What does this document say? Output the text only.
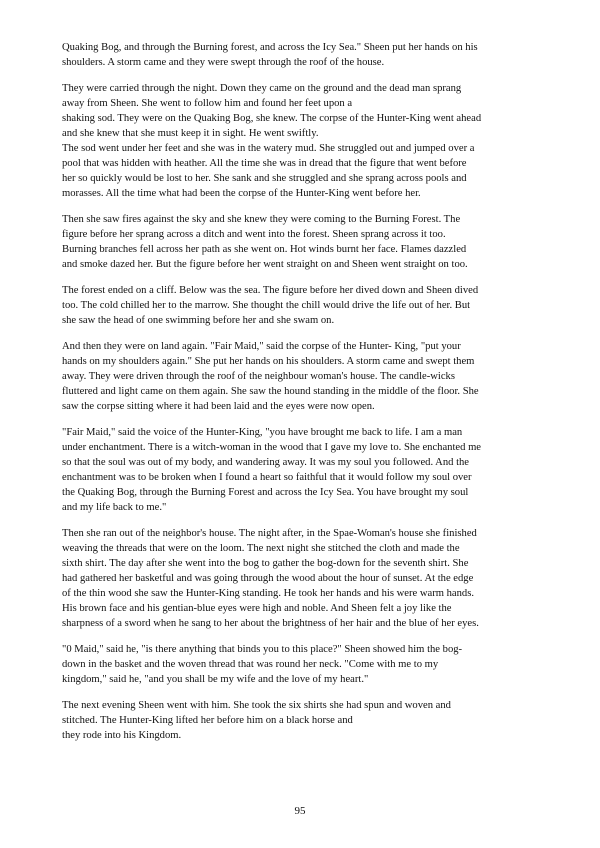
Quaking Bog, and through the Burning forest, and across the Icy Sea." Sheen put her hands on his
shoulders. A storm came and they were swept through the roof of the house.

They were carried through the night. Down they came on the ground and the dead man sprang
away from Sheen. She went to follow him and found her feet upon a
shaking sod. They were on the Quaking Bog, she knew. The corpse of the Hunter-King went ahead
and she knew that she must keep it in sight. He went swiftly.
The sod went under her feet and she was in the watery mud. She struggled out and jumped over a
pool that was hidden with heather. All the time she was in dread that the figure that went before
her so quickly would be lost to her. She sank and she struggled and she sprang across pools and
morasses. All the time what had been the corpse of the Hunter-King went before her.

Then she saw fires against the sky and she knew they were coming to the Burning Forest. The
figure before her sprang across a ditch and went into the forest. Sheen sprang across it too.
Burning branches fell across her path as she went on. Hot winds burnt her face. Flames dazzled
and smoke dazed her. But the figure before her went straight on and Sheen went straight on too.

The forest ended on a cliff. Below was the sea. The figure before her dived down and Sheen dived
too. The cold chilled her to the marrow. She thought the chill would drive the life out of her. But
she saw the head of one swimming before her and she swam on.

And then they were on land again. "Fair Maid," said the corpse of the Hunter- King, "put your
hands on my shoulders again." She put her hands on his shoulders. A storm came and swept them
away. They were driven through the roof of the neighbour woman's house. The candle-wicks
fluttered and light came on them again. She saw the hound standing in the middle of the floor. She
saw the corpse sitting where it had been laid and the eyes were now open.

"Fair Maid," said the voice of the Hunter-King, "you have brought me back to life. I am a man
under enchantment. There is a witch-woman in the wood that I gave my love to. She enchanted me
so that the soul was out of my body, and wandering away. It was my soul you followed. And the
enchantment was to be broken when I found a heart so faithful that it would follow my soul over
the Quaking Bog, through the Burning Forest and across the Icy Sea. You have brought my soul
and my life back to me."

Then she ran out of the neighbor's house. The night after, in the Spae-Woman's house she finished
weaving the threads that were on the loom. The next night she stitched the cloth and made the
sixth shirt. The day after she went into the bog to gather the bog-down for the seventh shirt. She
had gathered her basketful and was going through the wood about the hour of sunset. At the edge
of the thin wood she saw the Hunter-King standing. He took her hands and his were warm hands.
His brown face and his gentian-blue eyes were high and noble. And Sheen felt a joy like the
sharpness of a sword when he sang to her about the brightness of her hair and the blue of her eyes.

"0 Maid," said he, "is there anything that binds you to this place?" Sheen showed him the bog-
down in the basket and the woven thread that was round her neck. "Come with me to my
kingdom," said he, "and you shall be my wife and the love of my heart."

The next evening Sheen went with him. She took the six shirts she had spun and woven and
stitched. The Hunter-King lifted her before him on a black horse and
they rode into his Kingdom.

95
